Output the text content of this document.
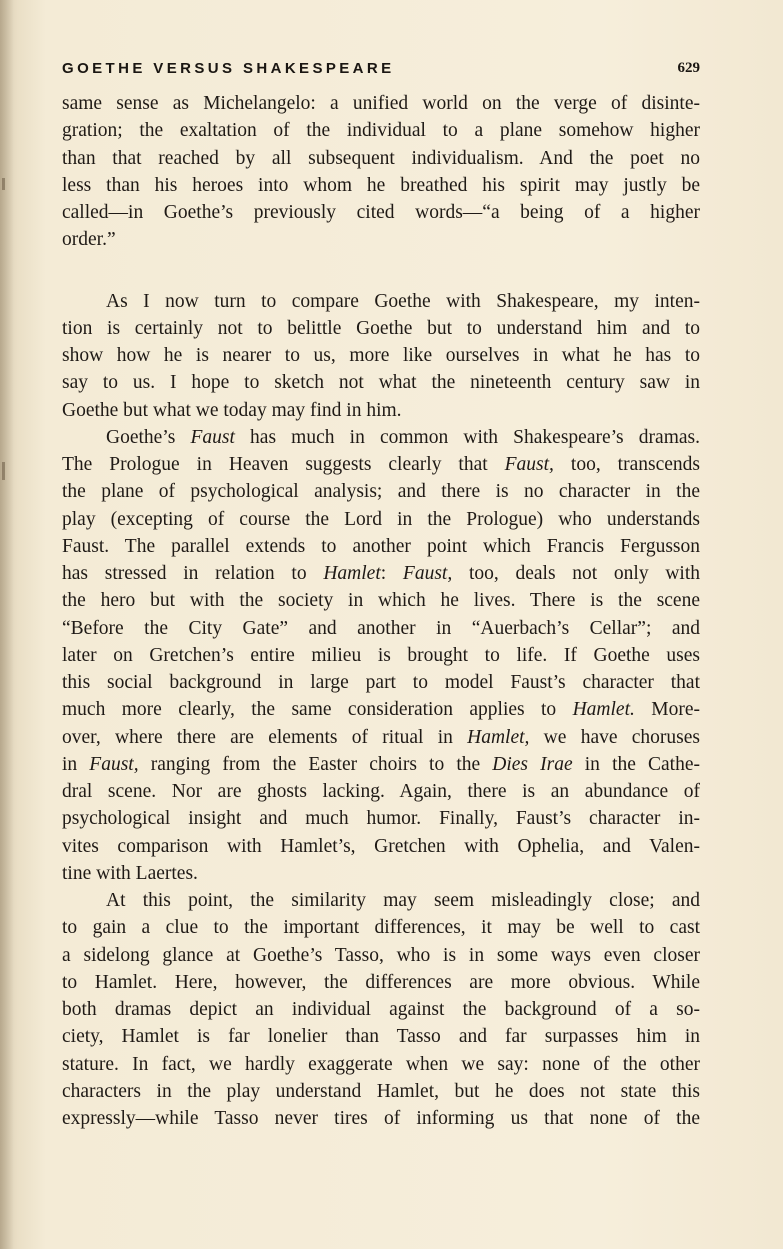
GOETHE VERSUS SHAKESPEARE	629
same sense as Michelangelo: a unified world on the verge of disinte-
gration; the exaltation of the individual to a plane somehow higher
than that reached by all subsequent individualism. And the poet no
less than his heroes into whom he breathed his spirit may justly be
called—in Goethe’s previously cited words—“a being of a higher
order.”
As I now turn to compare Goethe with Shakespeare, my inten-
tion is certainly not to belittle Goethe but to understand him and to
show how he is nearer to us, more like ourselves in what he has to
say to us. I hope to sketch not what the nineteenth century saw in
Goethe but what we today may find in him.
Goethe’s Faust has much in common with Shakespeare’s dramas.
The Prologue in Heaven suggests clearly that Faust, too, transcends
the plane of psychological analysis; and there is no character in the
play (excepting of course the Lord in the Prologue) who understands
Faust. The parallel extends to another point which Francis Fergusson
has stressed in relation to Hamlet: Faust, too, deals not only with
the hero but with the society in which he lives. There is the scene
“Before the City Gate” and another in “Auerbach’s Cellar”; and
later on Gretchen’s entire milieu is brought to life. If Goethe uses
this social background in large part to model Faust’s character that
much more clearly, the same consideration applies to Hamlet. More-
over, where there are elements of ritual in Hamlet, we have choruses
in Faust, ranging from the Easter choirs to the Dies Irae in the Cathe-
dral scene. Nor are ghosts lacking. Again, there is an abundance of
psychological insight and much humor. Finally, Faust’s character in-
vites comparison with Hamlet’s, Gretchen with Ophelia, and Valen-
tine with Laertes.
At this point, the similarity may seem misleadingly close; and
to gain a clue to the important differences, it may be well to cast
a sidelong glance at Goethe’s Tasso, who is in some ways even closer
to Hamlet. Here, however, the differences are more obvious. While
both dramas depict an individual against the background of a so-
ciety, Hamlet is far lonelier than Tasso and far surpasses him in
stature. In fact, we hardly exaggerate when we say: none of the other
characters in the play understand Hamlet, but he does not state this
expressly—while Tasso never tires of informing us that none of the
